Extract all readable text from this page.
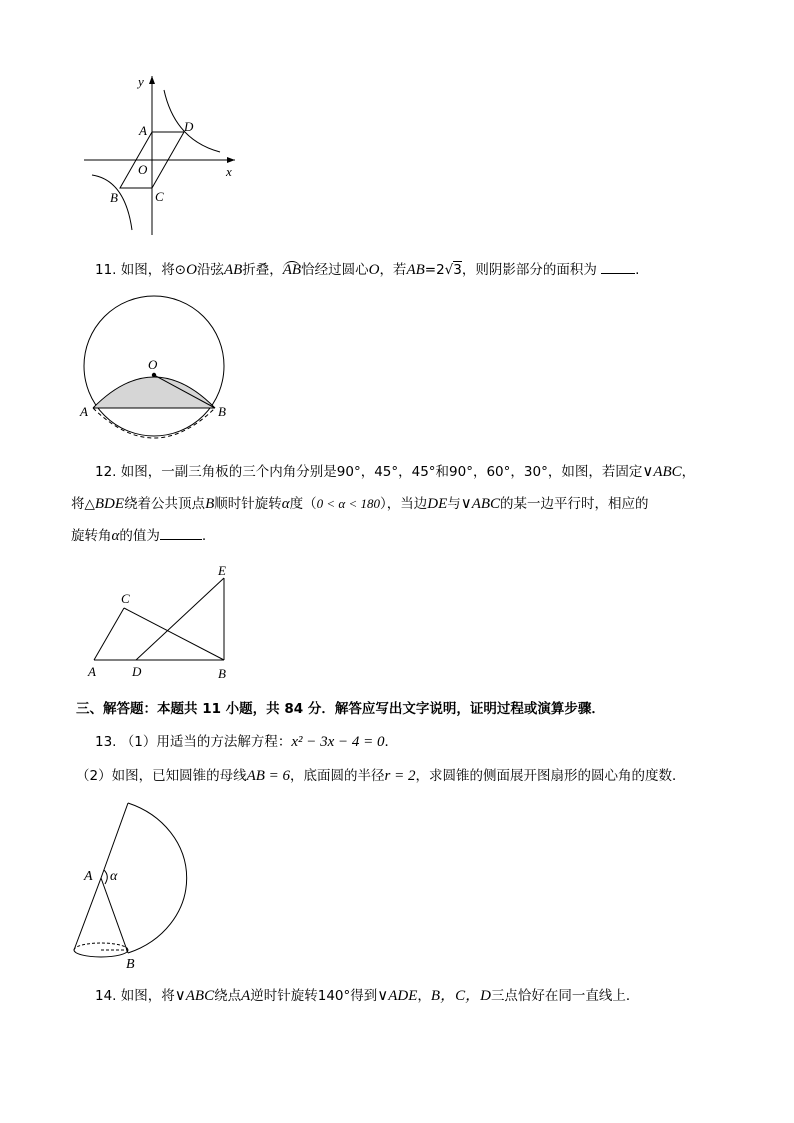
y
x
A	D
O
C
B
11. 如图，将⊙O沿弦AB折叠，AB恰经过圆心O，若AB=2√3，则阴影部分的面积为	.
O
A	B
12. 如图，一副三角板的三个内角分别是90°，45°，45°和90°，60°，30°，如图，若固定∨ABC，
将△BDE绕着公共顶点B顺时针旋转α度（0 < α < 180），当边DE与∨ABC的某一边平行时，相应的
旋转角α的值为	.
E
C
A	D	B
三、解答题：本题共 11 小题，共 84 分．解答应写出文字说明，证明过程或演算步骤．
13. （1）用适当的方法解方程：x² − 3x − 4 = 0．
（2）如图，已知圆锥的母线AB = 6，底面圆的半径r = 2，求圆锥的侧面展开图扇形的圆心角的度数．
A α
B
14. 如图，将∨ABC绕点A逆时针旋转140°得到∨ADE，B，C，D三点恰好在同一直线上．
